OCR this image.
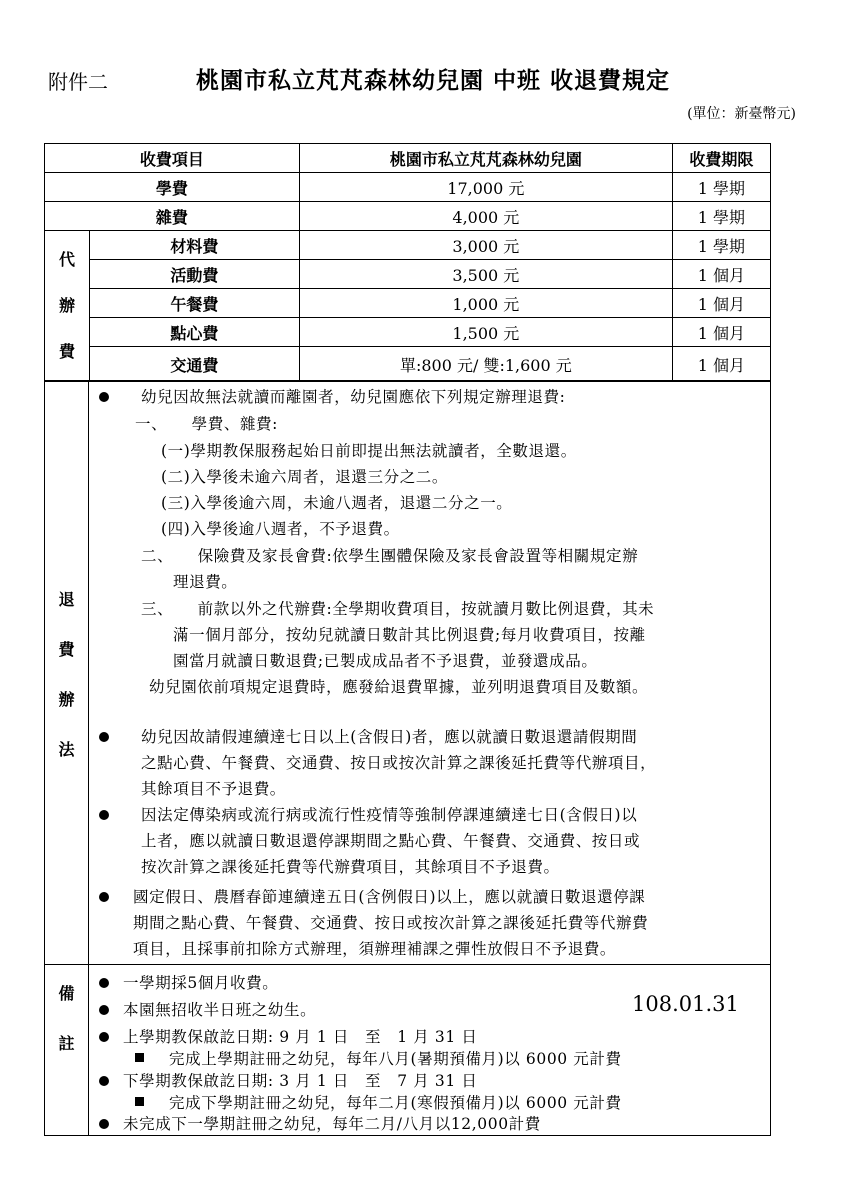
附件二	桃園市私立芃芃森林幼兒園 中班 收退費規定
(單位：新臺幣元)
收費項目		桃園市私立芃芃森林幼兒園	收費期限
學費		17,000 元	1 學期
雜費		4,000 元	1 學期

代
辦
費	材料費	3,000 元	1 學期
	活動費	3,500 元	1 個月
	午餐費	1,000 元	1 個月
	點心費	1,500 元	1 個月
	交通費	單:800 元/ 雙:1,600 元	1 個月
退
費
辦
法
幼兒因故無法就讀而離園者，幼兒園應依下列規定辦理退費:
一、　　學費、雜費:
(一)學期教保服務起始日前即提出無法就讀者，全數退還。
(二)入學後未逾六周者，退還三分之二。
(三)入學後逾六周，未逾八週者，退還二分之一。
(四)入學後逾八週者，不予退費。
二、　　保險費及家長會費:依學生團體保險及家長會設置等相關規定辦
理退費。
三、　　前款以外之代辦費:全學期收費項目，按就讀月數比例退費，其未
滿一個月部分，按幼兒就讀日數計其比例退費;每月收費項目，按離
園當月就讀日數退費;已製成成品者不予退費，並發還成品。
幼兒園依前項規定退費時，應發給退費單據，並列明退費項目及數額。
幼兒因故請假連續達七日以上(含假日)者，應以就讀日數退還請假期間
之點心費、午餐費、交通費、按日或按次計算之課後延托費等代辦項目，
其餘項目不予退費。
因法定傳染病或流行病或流行性疫情等強制停課連續達七日(含假日)以
上者，應以就讀日數退還停課期間之點心費、午餐費、交通費、按日或
按次計算之課後延托費等代辦費項目，其餘項目不予退費。
國定假日、農曆春節連續達五日(含例假日)以上，應以就讀日數退還停課
期間之點心費、午餐費、交通費、按日或按次計算之課後延托費等代辦費
項目，且採事前扣除方式辦理，須辦理補課之彈性放假日不予退費。
備
註
一學期採5個月收費。
本園無招收半日班之幼生。
上學期教保啟訖日期: 9 月 1 日　至　1 月 31 日
完成上學期註冊之幼兒，每年八月(暑期預備月)以 6000 元計費
下學期教保啟訖日期: 3 月 1 日　至　7 月 31 日
完成下學期註冊之幼兒，每年二月(寒假預備月)以 6000 元計費
未完成下一學期註冊之幼兒，每年二月/八月以12,000計費
108.01.31
